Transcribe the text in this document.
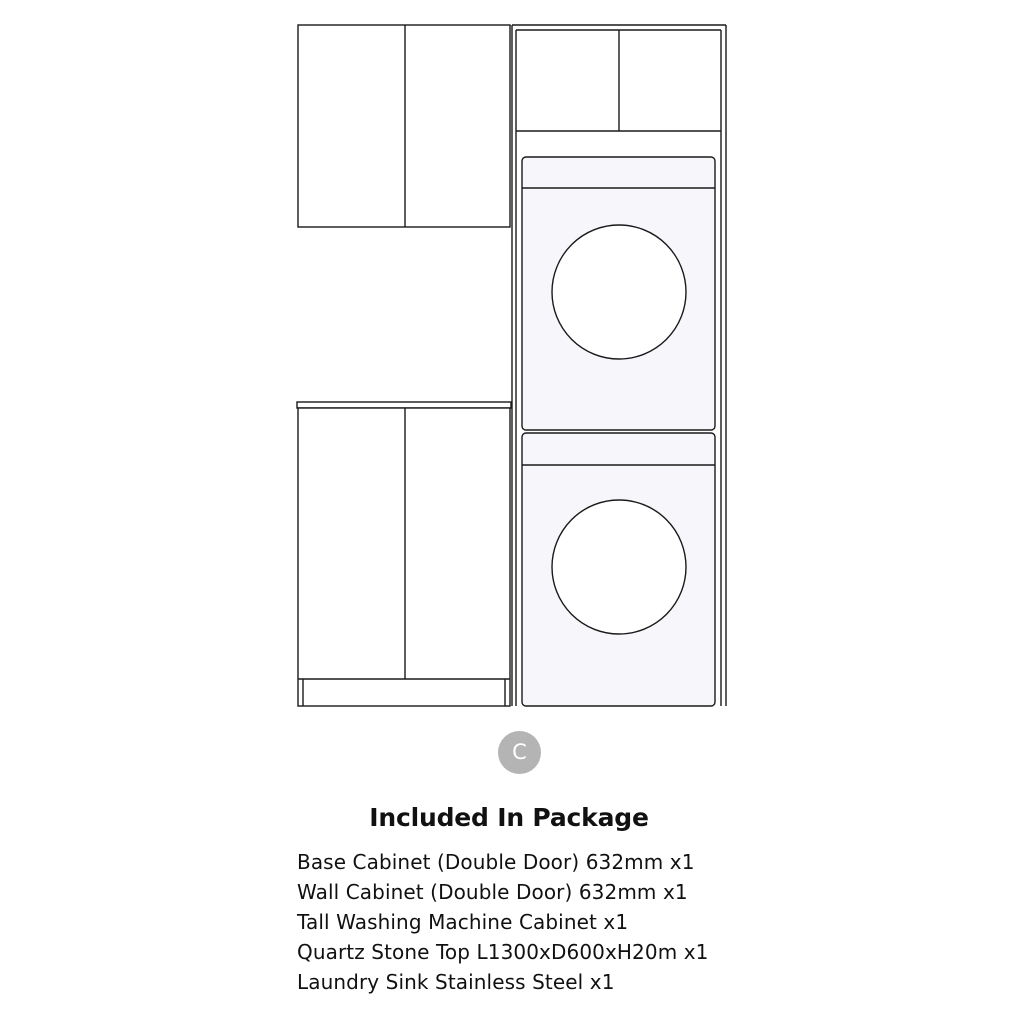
C
Included In Package
Base Cabinet (Double Door) 632mm x1
Wall Cabinet (Double Door) 632mm x1
Tall Washing Machine Cabinet x1
Quartz Stone Top L1300xD600xH20m x1
Laundry Sink Stainless Steel x1
